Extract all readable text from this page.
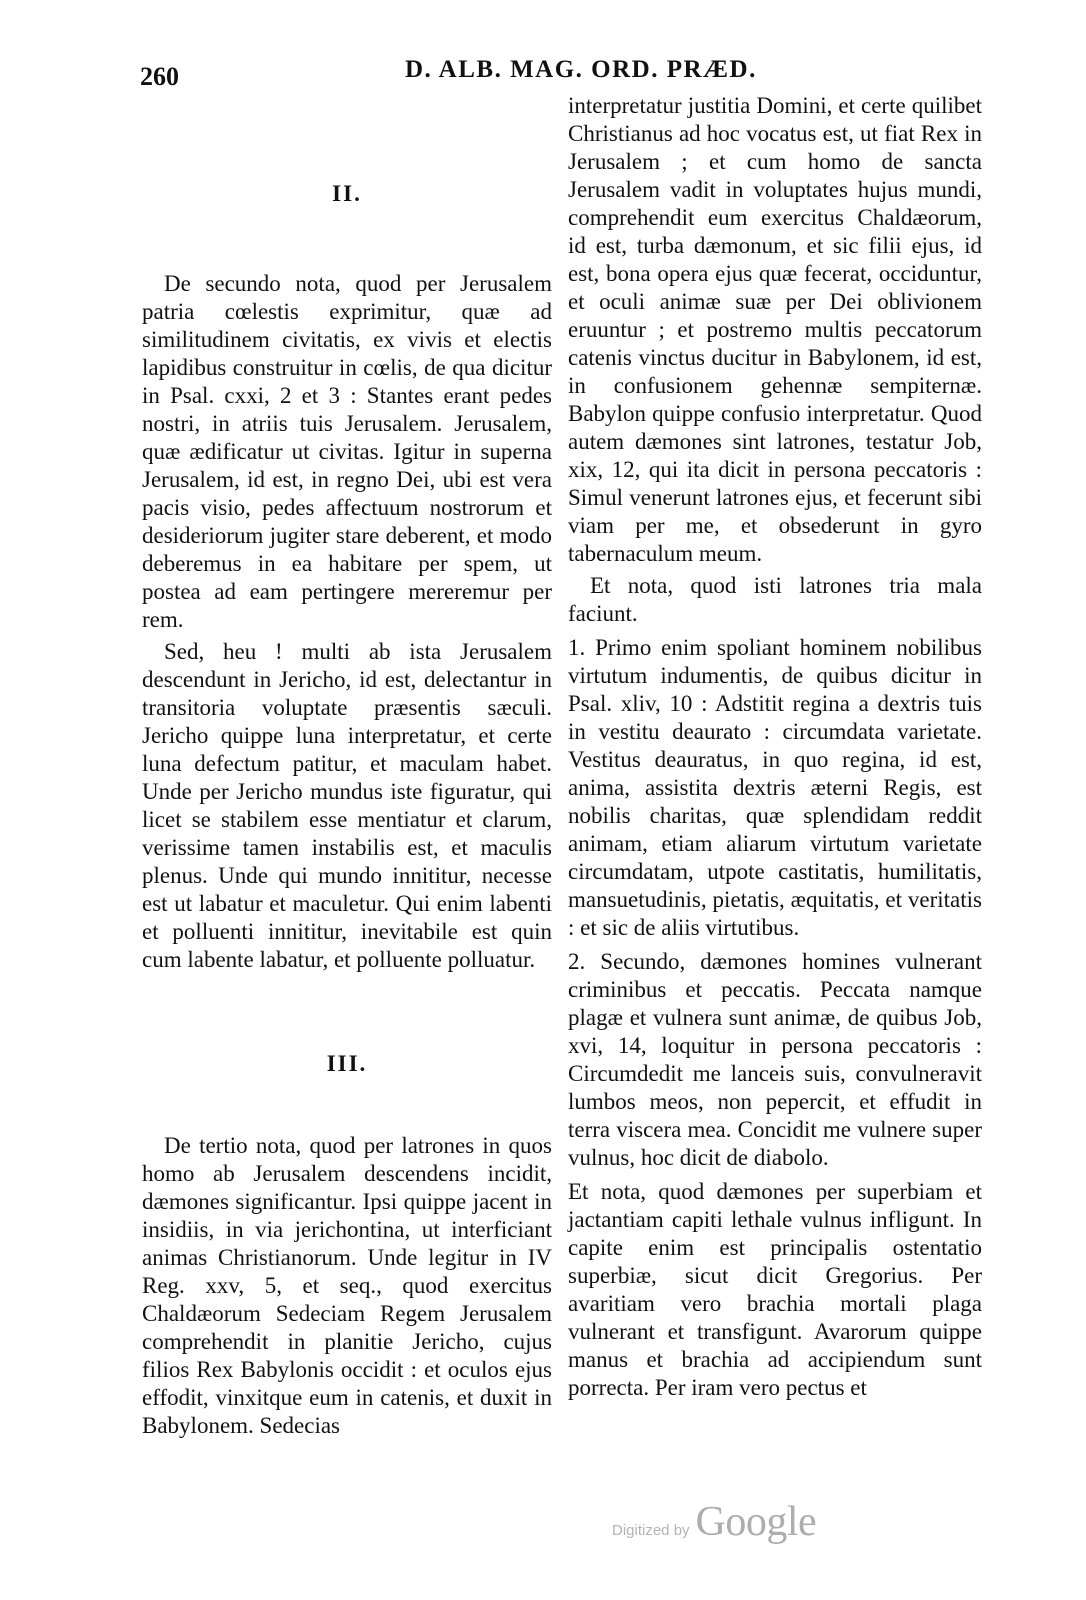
260	D. ALB. MAG. ORD. PRÆD.
II.

De secundo nota, quod per Jerusalem patria cœlestis exprimitur, quæ ad similitudinem civitatis, ex vivis et electis lapidibus construitur in cœlis, de qua dicitur in Psal. cxxi, 2 et 3 : Stantes erant pedes nostri, in atriis tuis Jerusalem. Jerusalem, quæ ædificatur ut civitas. Igitur in superna Jerusalem, id est, in regno Dei, ubi est vera pacis visio, pedes affectuum nostrorum et desideriorum jugiter stare deberent, et modo deberemus in ea habitare per spem, ut postea ad eam pertingere mereremur per rem.

Sed, heu ! multi ab ista Jerusalem descendunt in Jericho, id est, delectantur in transitoria voluptate præsentis sæculi. Jericho quippe luna interpretatur, et certe luna defectum patitur, et maculam habet. Unde per Jericho mundus iste figuratur, qui licet se stabilem esse mentiatur et clarum, verissime tamen instabilis est, et maculis plenus. Unde qui mundo innititur, necesse est ut labatur et maculetur. Qui enim labenti et polluenti innititur, inevitabile est quin cum labente labatur, et polluente polluatur.

III.

De tertio nota, quod per latrones in quos homo ab Jerusalem descendens incidit, dæmones significantur. Ipsi quippe jacent in insidiis, in via jerichontina, ut interficiant animas Christianorum. Unde legitur in IV Reg. xxv, 5, et seq., quod exercitus Chaldæorum Sedeciam Regem Jerusalem comprehendit in planitie Jericho, cujus filios Rex Babylonis occidit : et oculos ejus effodit, vinxitque eum in catenis, et duxit in Babylonem. Sedecias

interpretatur justitia Domini, et certe quilibet Christianus ad hoc vocatus est, ut fiat Rex in Jerusalem ; et cum homo de sancta Jerusalem vadit in voluptates hujus mundi, comprehendit eum exercitus Chaldæorum, id est, turba dæmonum, et sic filii ejus, id est, bona opera ejus quæ fecerat, occiduntur, et oculi animæ suæ per Dei oblivionem eruuntur ; et postremo multis peccatorum catenis vinctus ducitur in Babylonem, id est, in confusionem gehennæ sempiternæ. Babylon quippe confusio interpretatur. Quod autem dæmones sint latrones, testatur Job, xix, 12, qui ita dicit in persona peccatoris : Simul venerunt latrones ejus, et fecerunt sibi viam per me, et obsederunt in gyro tabernaculum meum.

Et nota, quod isti latrones tria mala faciunt.

1. Primo enim spoliant hominem nobilibus virtutum indumentis, de quibus dicitur in Psal. xliv, 10 : Adstitit regina a dextris tuis in vestitu deaurato : circumdata varietate. Vestitus deauratus, in quo regina, id est, anima, assistita dextris æterni Regis, est nobilis charitas, quæ splendidam reddit animam, etiam aliarum virtutum varietate circumdatam, utpote castitatis, humilitatis, mansuetudinis, pietatis, æquitatis, et veritatis : et sic de aliis virtutibus.

2. Secundo, dæmones homines vulnerant criminibus et peccatis. Peccata namque plagæ et vulnera sunt animæ, de quibus Job, xvi, 14, loquitur in persona peccatoris : Circumdedit me lanceis suis, convulneravit lumbos meos, non pepercit, et effudit in terra viscera mea. Concidit me vulnere super vulnus, hoc dicit de diabolo.

Et nota, quod dæmones per superbiam et jactantiam capiti lethale vulnus infligunt. In capite enim est principalis ostentatio superbiæ, sicut dicit Gregorius. Per avaritiam vero brachia mortali plaga vulnerant et transfigunt. Avarorum quippe manus et brachia ad accipiendum sunt porrecta. Per iram vero pectus et

Digitized by Google
